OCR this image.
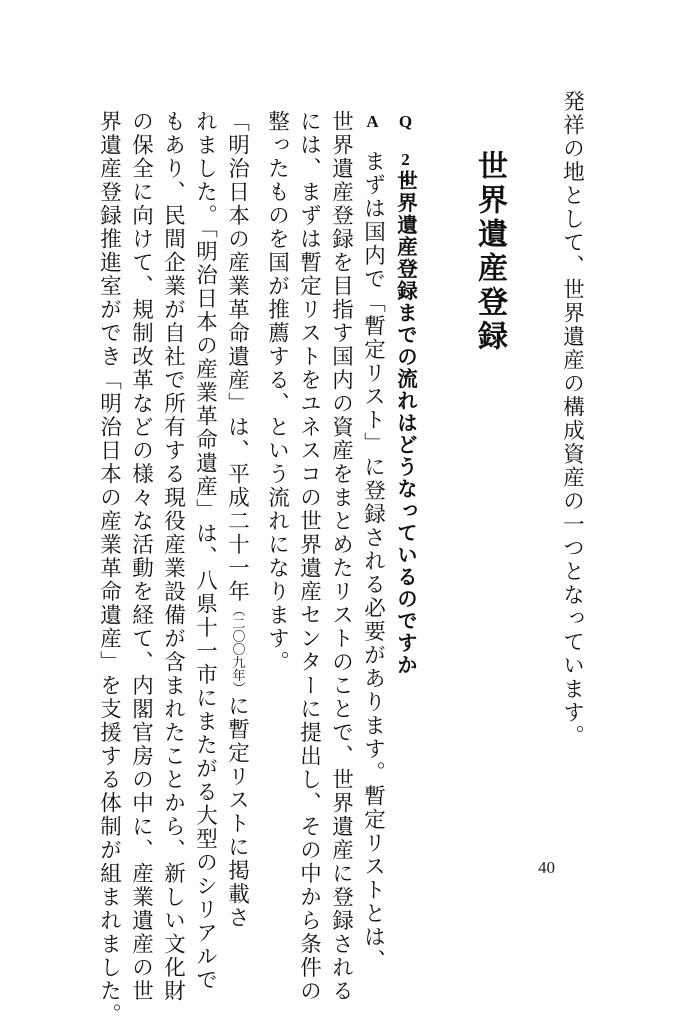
発祥の地として、世界遺産の構成資産の一つとなっています。
世界遺産登録
Q 24
世界遺産登録までの流れはどうなっているのですか
A
まずは国内で「暫定リスト」に登録される必要があります。暫定リストとは、
世界遺産登録を目指す国内の資産をまとめたリストのことで、世界遺産に登録される
には、まずは暫定リストをユネスコの世界遺産センターに提出し、その中から条件の
整ったものを国が推薦する、という流れになります。
「明治日本の産業革命遺産」は、平成二十一年（二〇〇九年）に暫定リストに掲載さ
れました。「明治日本の産業革命遺産」は、八県十一市にまたがる大型のシリアルで
もあり、民間企業が自社で所有する現役産業設備が含まれたことから、新しい文化財
の保全に向けて、規制改革などの様々な活動を経て、内閣官房の中に、産業遺産の世
界遺産登録推進室ができ「明治日本の産業革命遺産」を支援する体制が組まれました。	40
